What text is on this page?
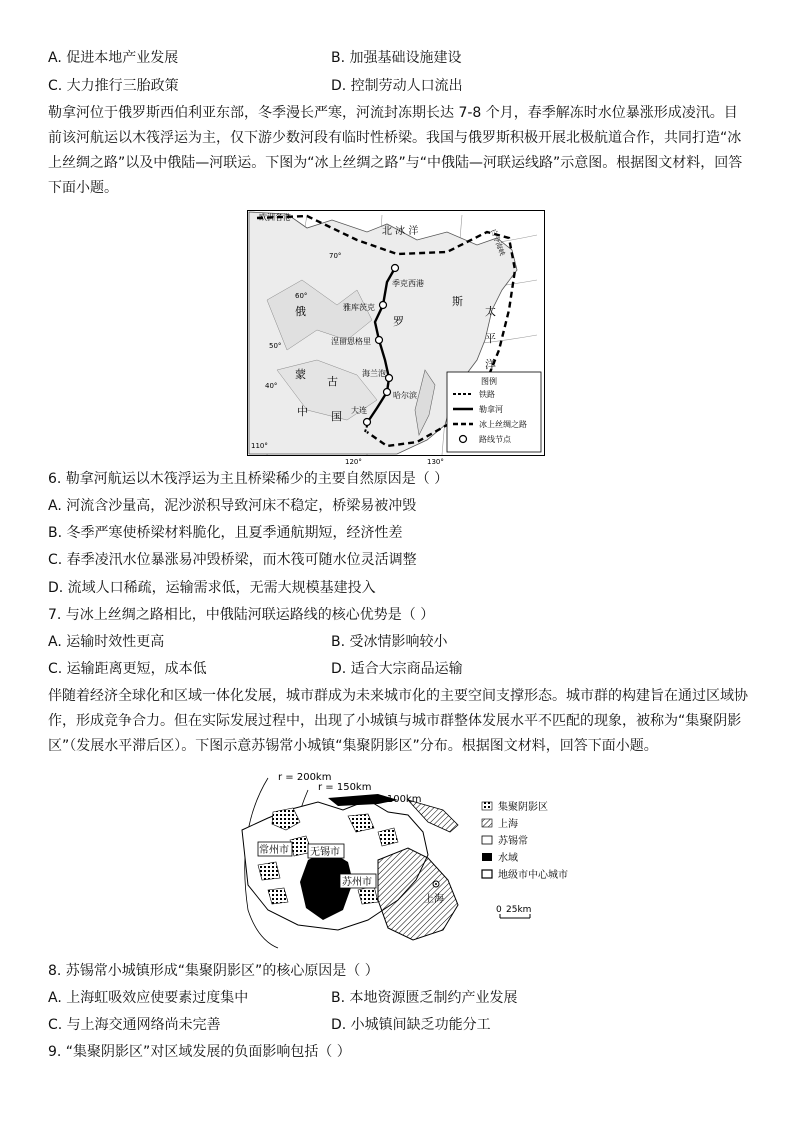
A. 促进本地产业发展	B. 加强基础设施建设
C. 大力推行三胎政策	D. 控制劳动人口流出
勒拿河位于俄罗斯西伯利亚东部，冬季漫长严寒，河流封冻期长达 7-8 个月，春季解冻时水位暴涨形成凌汛。目前该河航运以木筏浮运为主，仅下游少数河段有临时性桥梁。我国与俄罗斯积极开展北极航道合作，共同打造“冰上丝绸之路”以及中俄陆—河联运。下图为“冰上丝绸之路”与“中俄陆—河联运线路”示意图。根据图文材料，回答下面小题。
欧洲各港
北 冰 洋	白令海峡
季克西港
雅库茨克
俄
罗
斯
涅留恩格里
蒙
古
中 国
海兰泡
哈尔滨
大连
太
平
洋
70°
60°
50°
40°
110°
120°	130°
图例
铁路
勒拿河
冰上丝绸之路
路线节点
6. 勒拿河航运以木筏浮运为主且桥梁稀少的主要自然原因是（ ）
A. 河流含沙量高，泥沙淤积导致河床不稳定，桥梁易被冲毁
B. 冬季严寒使桥梁材料脆化，且夏季通航期短，经济性差
C. 春季凌汛水位暴涨易冲毁桥梁，而木筏可随水位灵活调整
D. 流域人口稀疏，运输需求低，无需大规模基建投入
7. 与冰上丝绸之路相比，中俄陆河联运路线的核心优势是（ ）
A. 运输时效性更高	B. 受冰情影响较小
C. 运输距离更短，成本低	D. 适合大宗商品运输
伴随着经济全球化和区域一体化发展，城市群成为未来城市化的主要空间支撑形态。城市群的构建旨在通过区域协作，形成竞争合力。但在实际发展过程中，出现了小城镇与城市群整体发展水平不匹配的现象，被称为“集聚阴影区”（发展水平滞后区）。下图示意苏锡常小城镇“集聚阴影区”分布。根据图文材料，回答下面小题。
r = 200km
r = 150km
r = 100km
常州市 无锡市
苏州市
上海
0 25km
集聚阴影区
上海
苏锡常
水域
地级市中心城市
8. 苏锡常小城镇形成“集聚阴影区”的核心原因是（ ）
A. 上海虹吸效应使要素过度集中	B. 本地资源匮乏制约产业发展
C. 与上海交通网络尚未完善	D. 小城镇间缺乏功能分工
9. “集聚阴影区”对区域发展的负面影响包括（ ）
